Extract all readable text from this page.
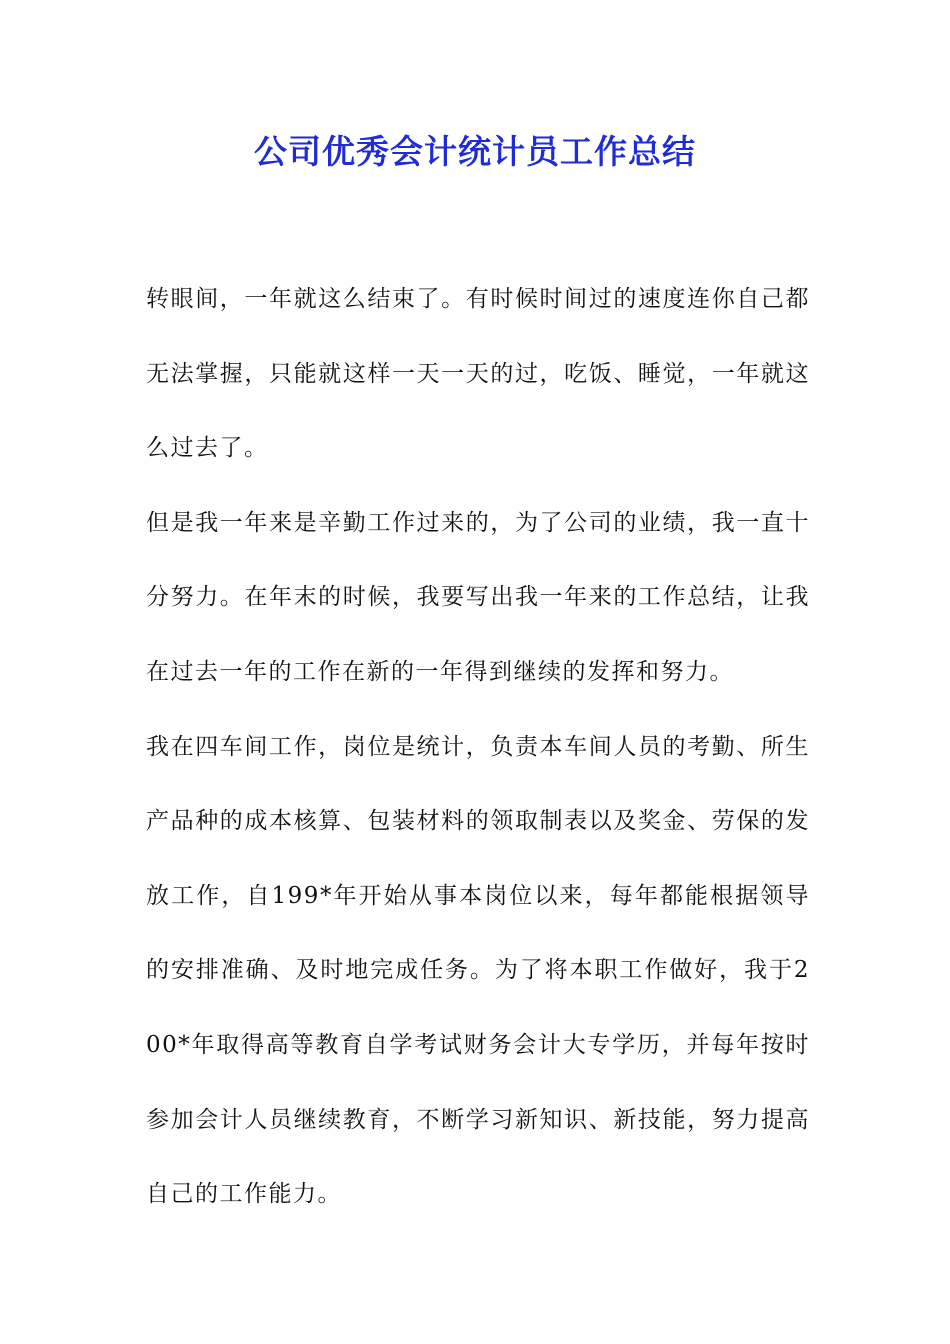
公司优秀会计统计员工作总结

转眼间，一年就这么结束了。有时候时间过的速度连你自己都无法掌握，只能就这样一天一天的过，吃饭、睡觉，一年就这么过去了。

但是我一年来是辛勤工作过来的，为了公司的业绩，我一直十分努力。在年末的时候，我要写出我一年来的工作总结，让我在过去一年的工作在新的一年得到继续的发挥和努力。

我在四车间工作，岗位是统计，负责本车间人员的考勤、所生产品种的成本核算、包装材料的领取制表以及奖金、劳保的发放工作，自199*年开始从事本岗位以来，每年都能根据领导的安排准确、及时地完成任务。为了将本职工作做好，我于200*年取得高等教育自学考试财务会计大专学历，并每年按时参加会计人员继续教育，不断学习新知识、新技能，努力提高自己的工作能力。
